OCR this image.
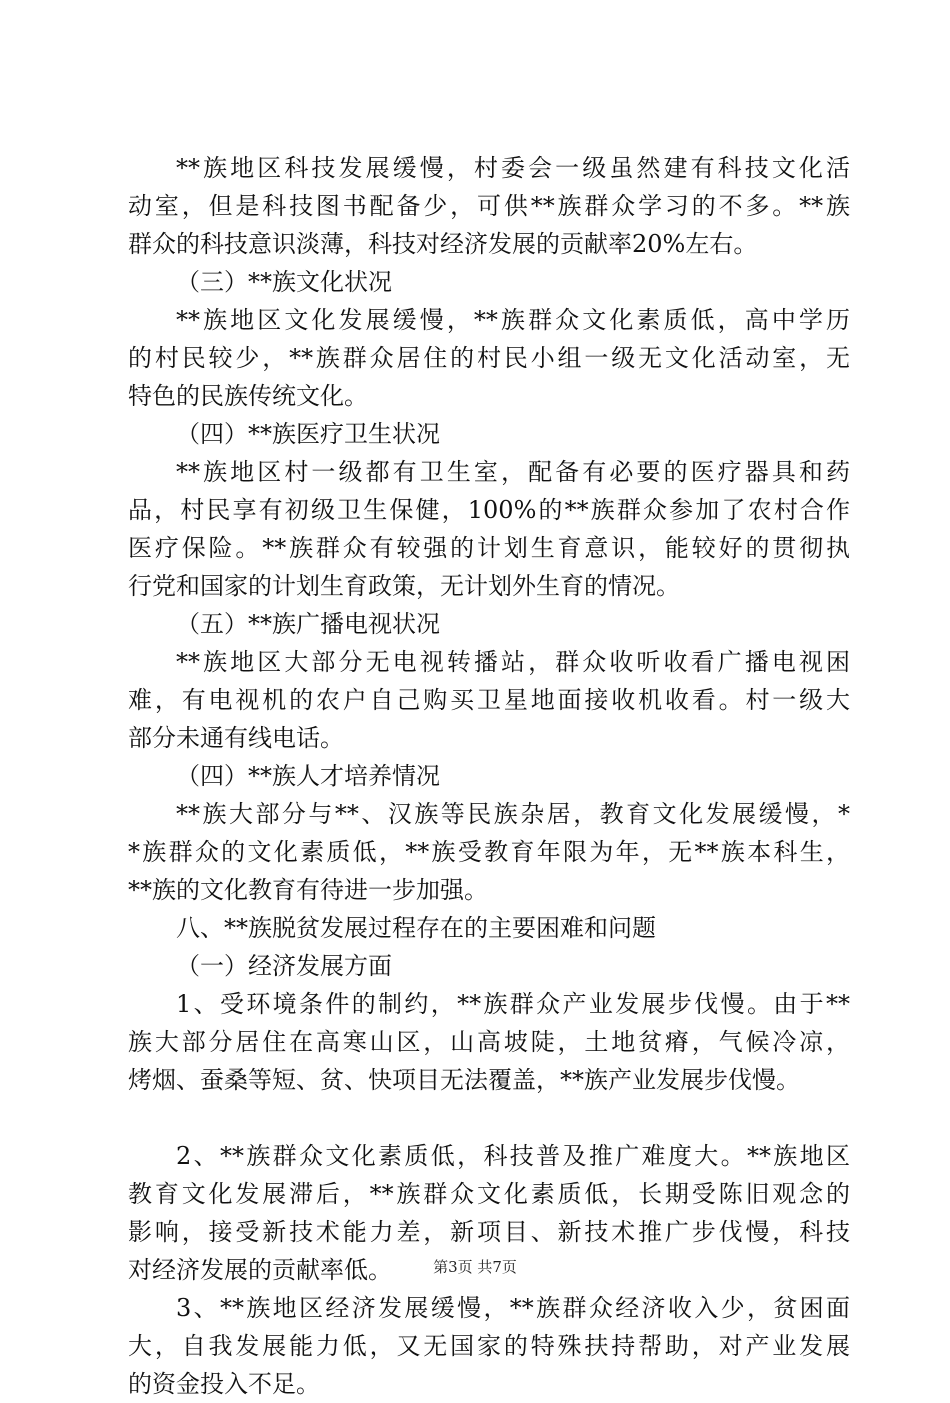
**族地区科技发展缓慢，村委会一级虽然建有科技文化活
动室，但是科技图书配备少，可供**族群众学习的不多。**族
群众的科技意识淡薄，科技对经济发展的贡献率20%左右。
（三）**族文化状况
**族地区文化发展缓慢，**族群众文化素质低，高中学历
的村民较少，**族群众居住的村民小组一级无文化活动室，无
特色的民族传统文化。
（四）**族医疗卫生状况
**族地区村一级都有卫生室，配备有必要的医疗器具和药
品，村民享有初级卫生保健，100%的**族群众参加了农村合作
医疗保险。**族群众有较强的计划生育意识，能较好的贯彻执
行党和国家的计划生育政策，无计划外生育的情况。
（五）**族广播电视状况
**族地区大部分无电视转播站，群众收听收看广播电视困
难，有电视机的农户自己购买卫星地面接收机收看。村一级大
部分未通有线电话。
（四）**族人才培养情况
**族大部分与**、汉族等民族杂居，教育文化发展缓慢，*
*族群众的文化素质低，**族受教育年限为年，无**族本科生，
**族的文化教育有待进一步加强。
八、**族脱贫发展过程存在的主要困难和问题
（一）经济发展方面
1、受环境条件的制约，**族群众产业发展步伐慢。由于**
族大部分居住在高寒山区，山高坡陡，土地贫瘠，气候冷凉，
烤烟、蚕桑等短、贫、快项目无法覆盖，**族产业发展步伐慢。
2、**族群众文化素质低，科技普及推广难度大。**族地区
教育文化发展滞后，**族群众文化素质低，长期受陈旧观念的
影响，接受新技术能力差，新项目、新技术推广步伐慢，科技
对经济发展的贡献率低。
3、**族地区经济发展缓慢，**族群众经济收入少，贫困面
大，自我发展能力低，又无国家的特殊扶持帮助，对产业发展
的资金投入不足。
第3页 共7页
